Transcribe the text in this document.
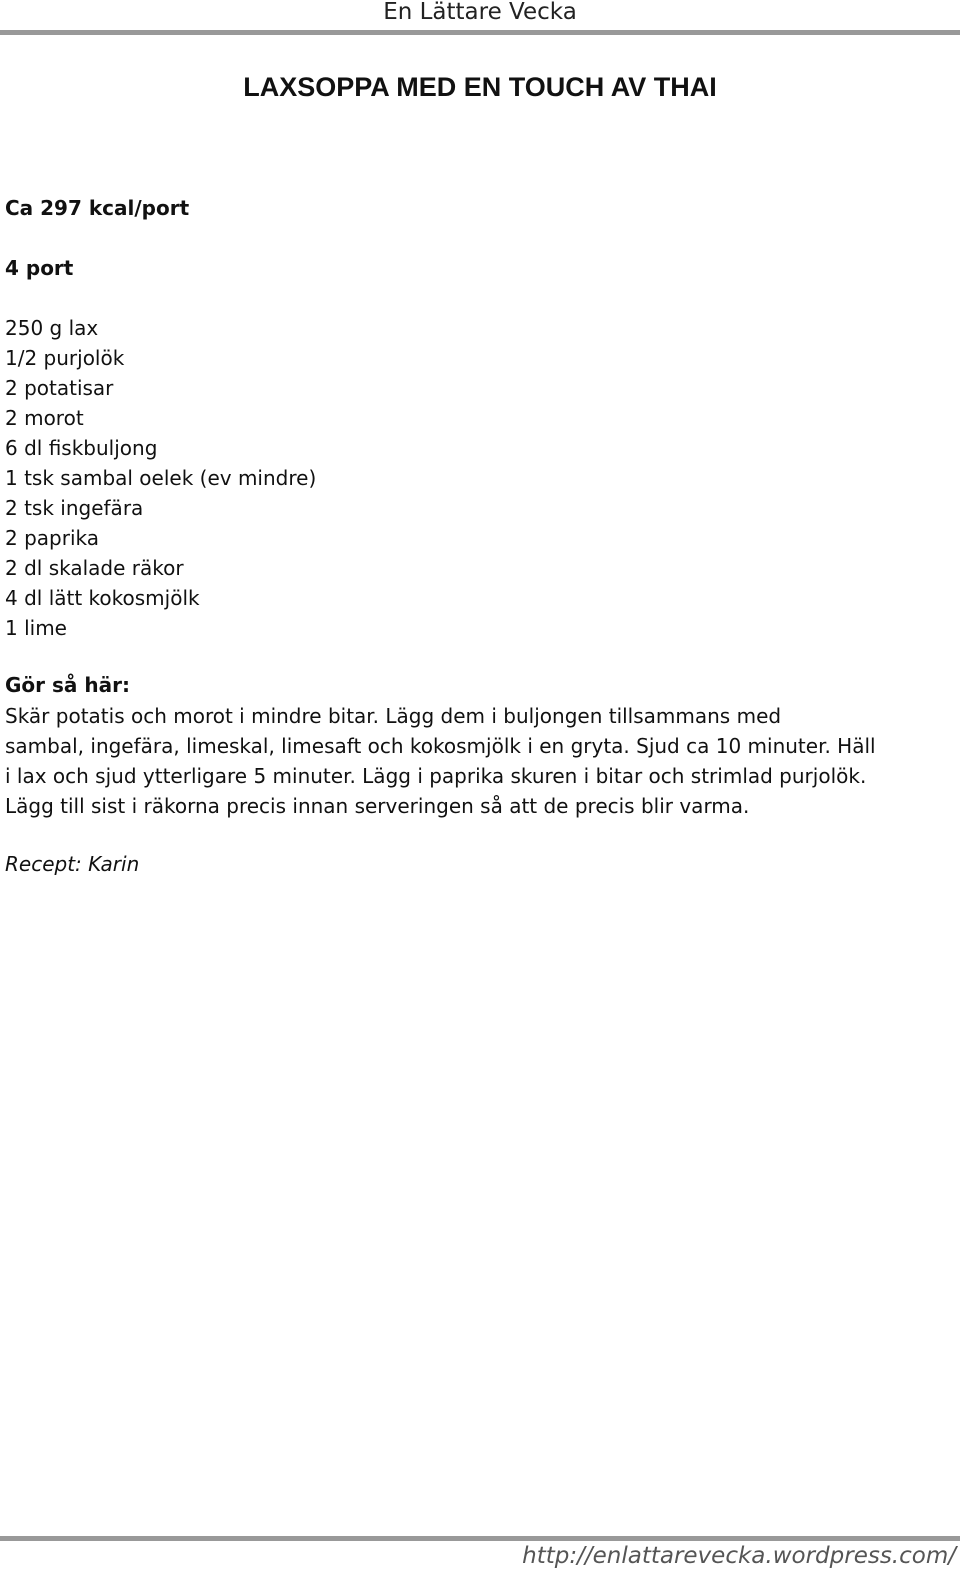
En Lättare Vecka
LAXSOPPA MED EN TOUCH AV THAI
Ca 297 kcal/port
4 port
250 g lax
1/2 purjolök
2 potatisar
2 morot
6 dl fiskbuljong
1 tsk sambal oelek (ev mindre)
2 tsk ingefära
2 paprika
2 dl skalade räkor
4 dl lätt kokosmjölk
1 lime
Gör så här:

Skär potatis och morot i mindre bitar. Lägg dem i buljongen tillsammans med
sambal, ingefära, limeskal, limesaft och kokosmjölk i en gryta. Sjud ca 10 minuter. Häll
i lax och sjud ytterligare 5 minuter. Lägg i paprika skuren i bitar och strimlad purjolök.
Lägg till sist i räkorna precis innan serveringen så att de precis blir varma.

Recept: Karin
http://enlattarevecka.wordpress.com/
